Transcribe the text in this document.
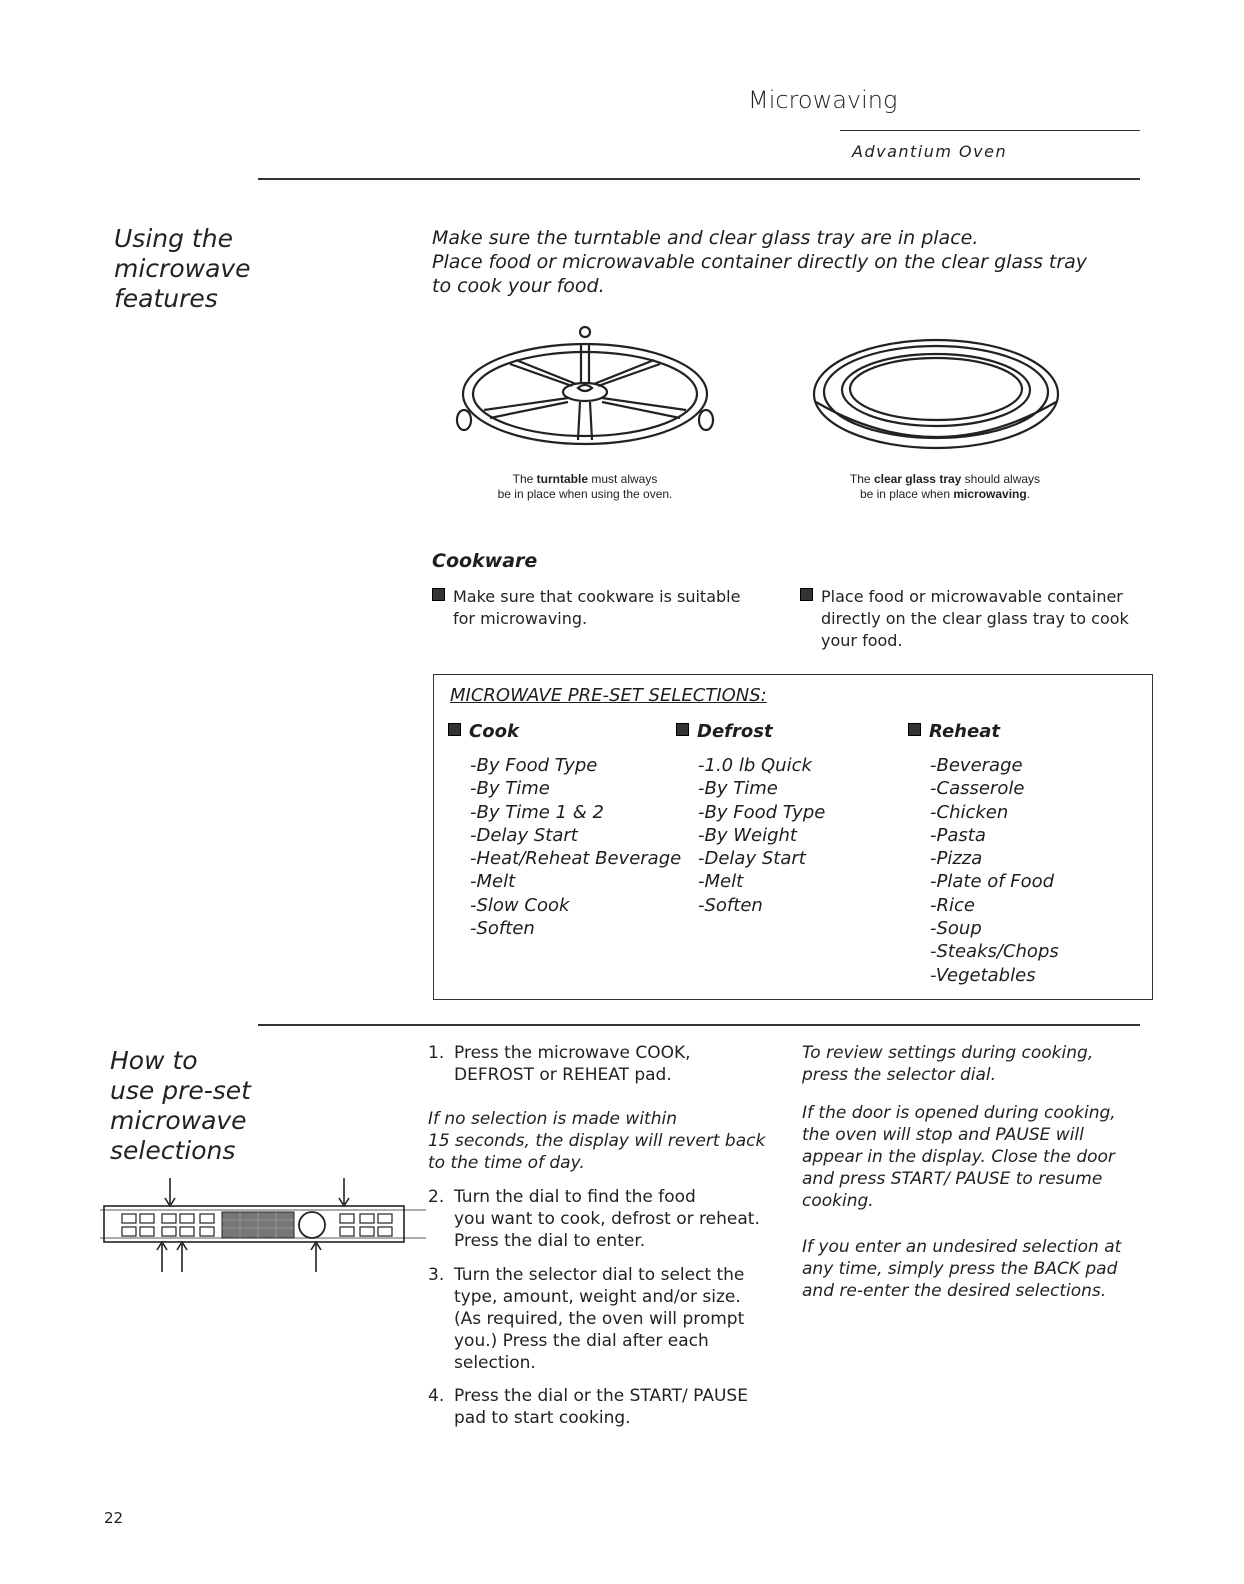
Microwaving
Advantium Oven
Using the
microwave
features
Make sure the turntable and clear glass tray are in place.
Place food or microwavable container directly on the clear glass tray
to cook your food.
The turntable must always
be in place when using the oven.
The clear glass tray should always
be in place when microwaving.
Cookware
Make sure that cookware is suitable
for microwaving.
Place food or microwavable container
directly on the clear glass tray to cook
your food.
MICROWAVE PRE-SET SELECTIONS:
Cook
-By Food Type
-By Time
-By Time 1 & 2
-Delay Start
-Heat/Reheat Beverage
-Melt
-Slow Cook
-Soften
Defrost
-1.0 lb Quick
-By Time
-By Food Type
-By Weight
-Delay Start
-Melt
-Soften
Reheat
-Beverage
-Casserole
-Chicken
-Pasta
-Pizza
-Plate of Food
-Rice
-Soup
-Steaks/Chops
-Vegetables
How to
use pre-set
microwave
selections
1. Press the microwave COOK,
DEFROST or REHEAT pad.
If no selection is made within
15 seconds, the display will revert back
to the time of day.
2. Turn the dial to find the food
you want to cook, defrost or reheat.
Press the dial to enter.
3. Turn the selector dial to select the
type, amount, weight and/or size.
(As required, the oven will prompt
you.) Press the dial after each
selection.
4. Press the dial or the START/ PAUSE
pad to start cooking.
To review settings during cooking,
press the selector dial.
If the door is opened during cooking,
the oven will stop and PAUSE will
appear in the display. Close the door
and press START/ PAUSE to resume
cooking.
If you enter an undesired selection at
any time, simply press the BACK pad
and re-enter the desired selections.
22
